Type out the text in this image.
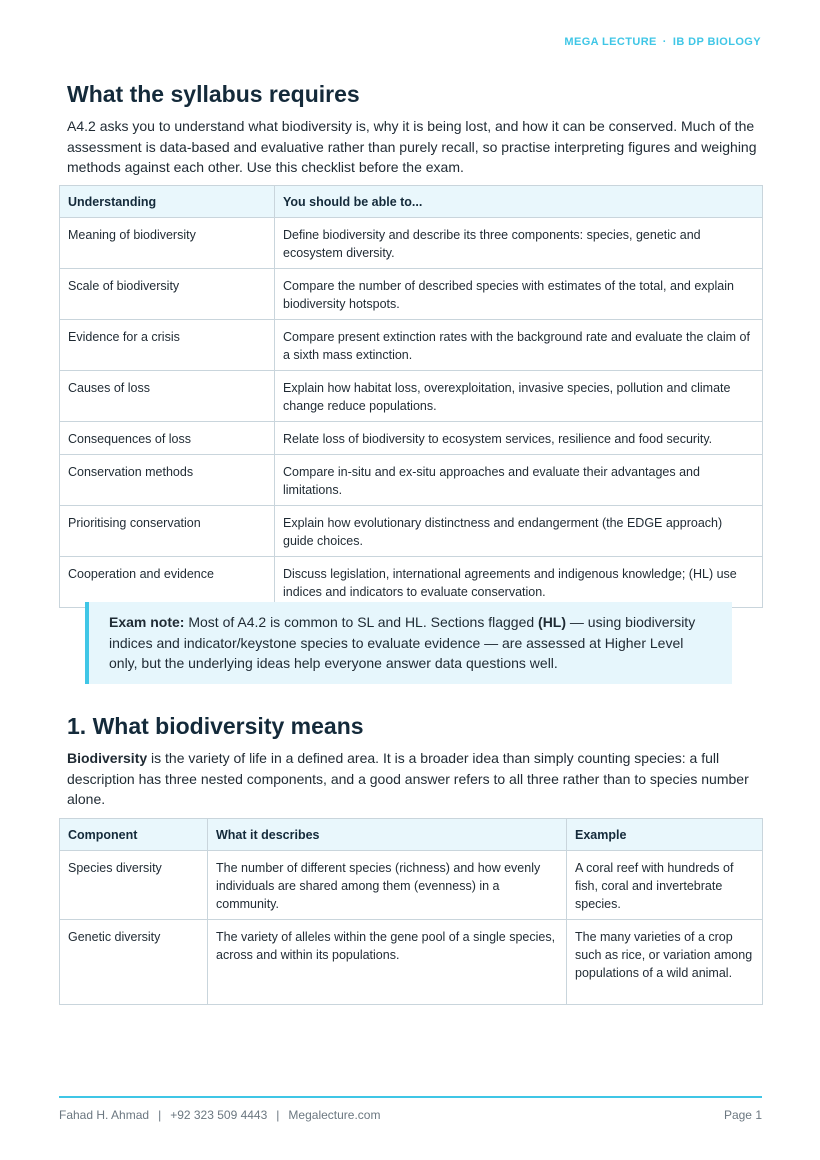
MEGA LECTURE · IB DP BIOLOGY
What the syllabus requires

A4.2 asks you to understand what biodiversity is, why it is being lost, and how it can be conserved. Much of the assessment is data-based and evaluative rather than purely recall, so practise interpreting figures and weighing methods against each other. Use this checklist before the exam.

Understanding	You should be able to...
Meaning of biodiversity	Define biodiversity and describe its three components: species, genetic and ecosystem diversity.
Scale of biodiversity	Compare the number of described species with estimates of the total, and explain biodiversity hotspots.
Evidence for a crisis	Compare present extinction rates with the background rate and evaluate the claim of a sixth mass extinction.
Causes of loss	Explain how habitat loss, overexploitation, invasive species, pollution and climate change reduce populations.
Consequences of loss	Relate loss of biodiversity to ecosystem services, resilience and food security.
Conservation methods	Compare in-situ and ex-situ approaches and evaluate their advantages and limitations.
Prioritising conservation	Explain how evolutionary distinctness and endangerment (the EDGE approach) guide choices.
Cooperation and evidence	Discuss legislation, international agreements and indigenous knowledge; (HL) use indices and indicators to evaluate conservation.
Exam note: Most of A4.2 is common to SL and HL. Sections flagged (HL) — using biodiversity indices and indicator/keystone species to evaluate evidence — are assessed at Higher Level only, but the underlying ideas help everyone answer data questions well.
1. What biodiversity means

Biodiversity is the variety of life in a defined area. It is a broader idea than simply counting species: a full description has three nested components, and a good answer refers to all three rather than to species number alone.

Component	What it describes	Example
Species diversity	The number of different species (richness) and how evenly individuals are shared among them (evenness) in a community.	A coral reef with hundreds of fish, coral and invertebrate species.
Genetic diversity	The variety of alleles within the gene pool of a single species, across and within its populations.	The many varieties of a crop such as rice, or variation among populations of a wild animal.
Fahad H. Ahmad | +92 323 509 4443 | Megalecture.com	Page 1
